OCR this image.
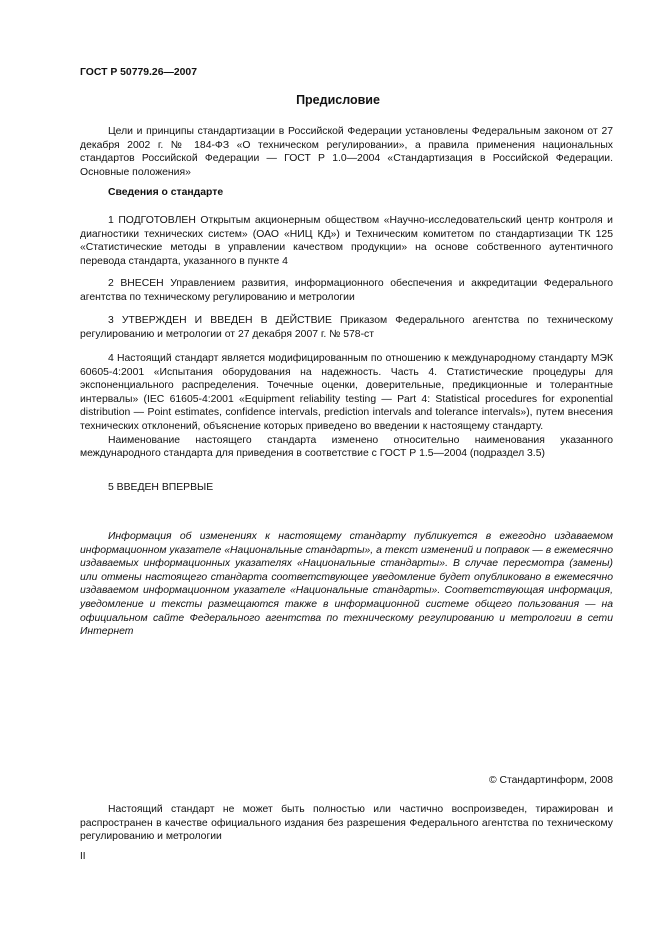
ГОСТ Р 50779.26—2007
Предисловие

Цели и принципы стандартизации в Российской Федерации установлены Федеральным законом от 27 декабря 2002 г. № 184-ФЗ «О техническом регулировании», а правила применения национальных стандартов Российской Федерации — ГОСТ Р 1.0—2004 «Стандартизация в Российской Федерации. Основные положения»

Сведения о стандарте

1 ПОДГОТОВЛЕН Открытым акционерным обществом «Научно-исследовательский центр контроля и диагностики технических систем» (ОАО «НИЦ КД») и Техническим комитетом по стандартизации ТК 125 «Статистические методы в управлении качеством продукции» на основе собственного аутентичного перевода стандарта, указанного в пункте 4

2 ВНЕСЕН Управлением развития, информационного обеспечения и аккредитации Федерального агентства по техническому регулированию и метрологии

3 УТВЕРЖДЕН И ВВЕДЕН В ДЕЙСТВИЕ Приказом Федерального агентства по техническому регулированию и метрологии от 27 декабря 2007 г. № 578-ст

4 Настоящий стандарт является модифицированным по отношению к международному стандарту МЭК 60605-4:2001 «Испытания оборудования на надежность. Часть 4. Статистические процедуры для экспоненциального распределения. Точечные оценки, доверительные, предикционные и толерантные интервалы» (IEC 61605-4:2001 «Equipment reliability testing — Part 4: Statistical procedures for exponential distribution — Point estimates, confidence intervals, prediction intervals and tolerance intervals»), путем внесения технических отклонений, объяснение которых приведено во введении к настоящему стандарту.

Наименование настоящего стандарта изменено относительно наименования указанного международного стандарта для приведения в соответствие с ГОСТ Р 1.5—2004 (подраздел 3.5)

5 ВВЕДЕН ВПЕРВЫЕ

Информация об изменениях к настоящему стандарту публикуется в ежегодно издаваемом информационном указателе «Национальные стандарты», а текст изменений и поправок — в ежемесячно издаваемых информационных указателях «Национальные стандарты». В случае пересмотра (замены) или отмены настоящего стандарта соответствующее уведомление будет опубликовано в ежемесячно издаваемом информационном указателе «Национальные стандарты». Соответствующая информация, уведомление и тексты размещаются также в информационной системе общего пользования — на официальном сайте Федерального агентства по техническому регулированию и метрологии в сети Интернет

© Стандартинформ, 2008

Настоящий стандарт не может быть полностью или частично воспроизведен, тиражирован и распространен в качестве официального издания без разрешения Федерального агентства по техническому регулированию и метрологии

II
